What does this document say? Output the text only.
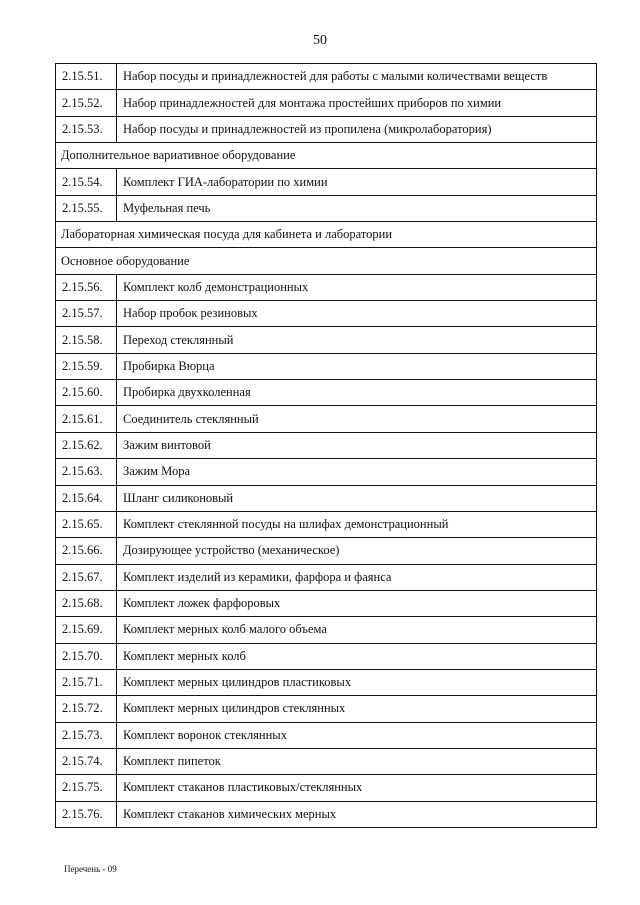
50
2.15.51.	Набор посуды и принадлежностей для работы с малыми количествами веществ
2.15.52.	Набор принадлежностей для монтажа простейших приборов по химии
2.15.53.	Набор посуды и принадлежностей из пропилена (микролаборатория)
Дополнительное вариативное оборудование	
2.15.54.	Комплект ГИА-лаборатории по химии
2.15.55.	Муфельная печь
Лабораторная химическая посуда для кабинета и лаборатории	
Основное оборудование	
2.15.56.	Комплект колб демонстрационных
2.15.57.	Набор пробок резиновых
2.15.58.	Переход стеклянный
2.15.59.	Пробирка Вюрца
2.15.60.	Пробирка двухколенная
2.15.61.	Соединитель стеклянный
2.15.62.	Зажим винтовой
2.15.63.	Зажим Мора
2.15.64.	Шланг силиконовый
2.15.65.	Комплект стеклянной посуды на шлифах демонстрационный
2.15.66.	Дозирующее устройство (механическое)
2.15.67.	Комплект изделий из керамики, фарфора и фаянса
2.15.68.	Комплект ложек фарфоровых
2.15.69.	Комплект мерных колб малого объема
2.15.70.	Комплект мерных колб
2.15.71.	Комплект мерных цилиндров пластиковых
2.15.72.	Комплект мерных цилиндров стеклянных
2.15.73.	Комплект воронок стеклянных
2.15.74.	Комплект пипеток
2.15.75.	Комплект стаканов пластиковых/стеклянных
2.15.76.	Комплект стаканов химических мерных
Перечень - 09
